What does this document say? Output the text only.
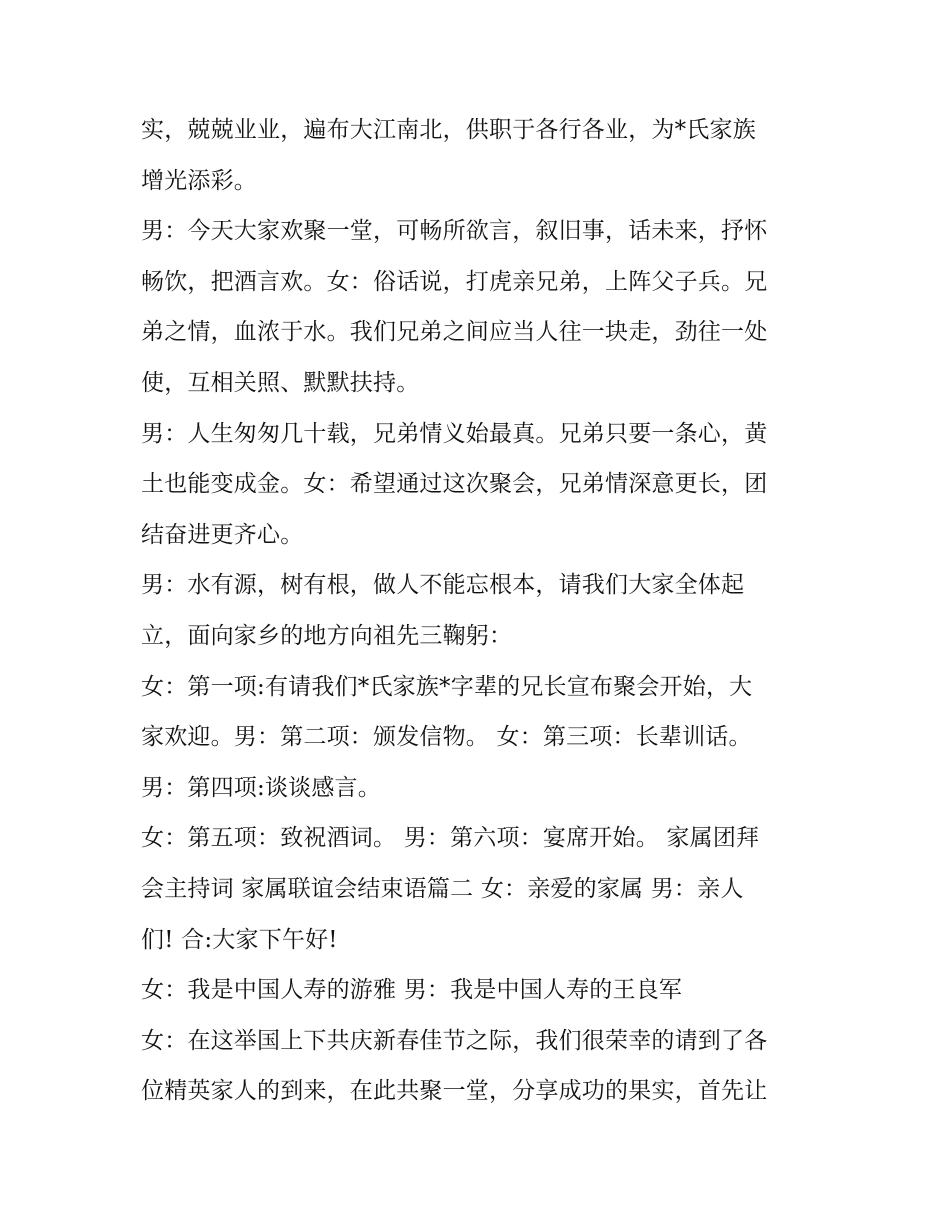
实，兢兢业业，遍布大江南北，供职于各行各业，为*氏家族
增光添彩。
男：今天大家欢聚一堂，可畅所欲言，叙旧事，话未来，抒怀
畅饮，把酒言欢。女：俗话说，打虎亲兄弟，上阵父子兵。兄
弟之情，血浓于水。我们兄弟之间应当人往一块走，劲往一处
使，互相关照、默默扶持。
男：人生匆匆几十载，兄弟情义始最真。兄弟只要一条心，黄
土也能变成金。女：希望通过这次聚会，兄弟情深意更长，团
结奋进更齐心。
男：水有源，树有根，做人不能忘根本，请我们大家全体起
立，面向家乡的地方向祖先三鞠躬：
女：第一项:有请我们*氏家族*字辈的兄长宣布聚会开始，大
家欢迎。男：第二项：颁发信物。 女：第三项：长辈训话。
男：第四项:谈谈感言。
女：第五项：致祝酒词。 男：第六项：宴席开始。 家属团拜
会主持词 家属联谊会结束语篇二 女：亲爱的家属 男：亲人
们! 合:大家下午好!
女：我是中国人寿的游雅 男：我是中国人寿的王良军
女：在这举国上下共庆新春佳节之际，我们很荣幸的请到了各
位精英家人的到来，在此共聚一堂，分享成功的果实，首先让
